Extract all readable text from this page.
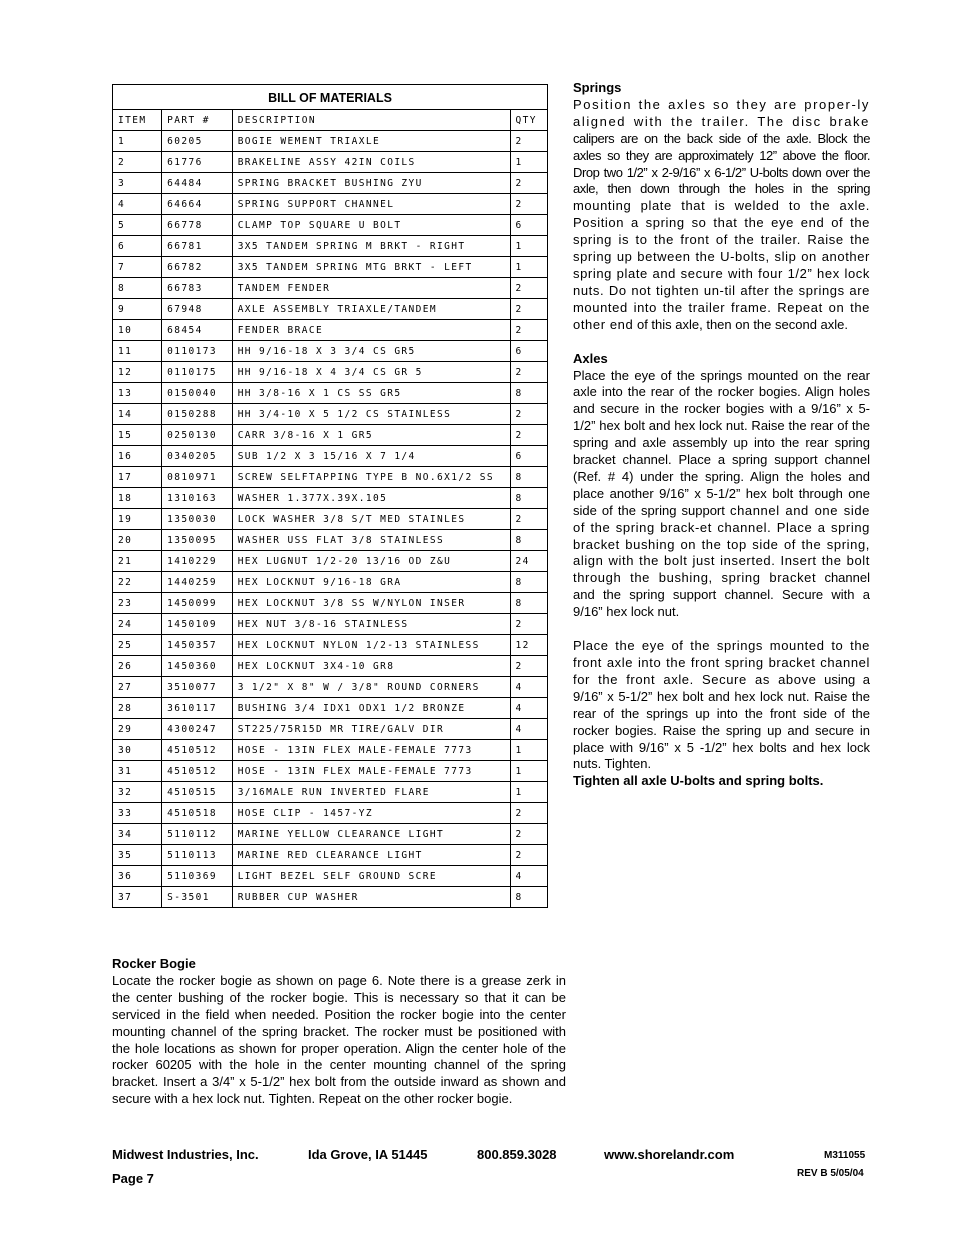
BILL OF MATERIALS			
ITEM	PART #	DESCRIPTION	QTY
1	60205	BOGIE WEMENT TRIAXLE	2
2	61776	BRAKELINE ASSY 42IN COILS	1
3	64484	SPRING BRACKET BUSHING ZYU	2
4	64664	SPRING SUPPORT CHANNEL	2
5	66778	CLAMP TOP SQUARE U BOLT	6
6	66781	3X5 TANDEM SPRING M BRKT - RIGHT	1
7	66782	3X5 TANDEM SPRING MTG BRKT - LEFT	1
8	66783	TANDEM FENDER	2
9	67948	AXLE ASSEMBLY TRIAXLE/TANDEM	2
10	68454	FENDER BRACE	2
11	0110173	HH 9/16-18 X 3 3/4 CS GR5	6
12	0110175	HH 9/16-18 X 4 3/4 CS GR 5	2
13	0150040	HH 3/8-16 X 1 CS SS GR5	8
14	0150288	HH 3/4-10 X 5 1/2 CS STAINLESS	2
15	0250130	CARR 3/8-16 X 1 GR5	2
16	0340205	SUB 1/2 X 3 15/16 X 7 1/4	6
17	0810971	SCREW SELFTAPPING TYPE B NO.6X1/2 SS	8
18	1310163	WASHER 1.377X.39X.105	8
19	1350030	LOCK WASHER 3/8 S/T MED STAINLES	2
20	1350095	WASHER USS FLAT 3/8 STAINLESS	8
21	1410229	HEX LUGNUT 1/2-20 13/16 OD Z&U	24
22	1440259	HEX LOCKNUT 9/16-18 GRA	8
23	1450099	HEX LOCKNUT 3/8 SS W/NYLON INSER	8
24	1450109	HEX NUT 3/8-16 STAINLESS	2
25	1450357	HEX LOCKNUT NYLON 1/2-13 STAINLESS	12
26	1450360	HEX LOCKNUT 3X4-10 GR8	2
27	3510077	3 1/2" X 8" W / 3/8" ROUND CORNERS	4
28	3610117	BUSHING 3/4 IDX1 ODX1 1/2 BRONZE	4
29	4300247	ST225/75R15D MR TIRE/GALV DIR	4
30	4510512	HOSE - 13IN FLEX MALE-FEMALE 7773	1
31	4510512	HOSE - 13IN FLEX MALE-FEMALE 7773	1
32	4510515	3/16MALE RUN INVERTED FLARE	1
33	4510518	HOSE CLIP - 1457-YZ	2
34	5110112	MARINE YELLOW CLEARANCE LIGHT	2
35	5110113	MARINE RED CLEARANCE LIGHT	2
36	5110369	LIGHT BEZEL SELF GROUND SCRE	4
37	S-3501	RUBBER CUP WASHER	8

Springs

Position the axles so they are proper-ly aligned with the trailer. The disc brake calipers are on the back side of the axle. Block the axles so they are approximately 12” above the floor. Drop two 1/2” x 2-9/16” x 6-1/2” U-bolts down over the axle, then down through the holes in the spring mounting plate that is welded to the axle. Position a spring so that the eye end of the spring is to the front of the trailer. Raise the spring up between the U-bolts, slip on another spring plate and secure with four 1/2” hex lock nuts. Do not tighten un-til after the springs are mounted into the trailer frame. Repeat on the other end of this axle, then on the second axle.

Axles

Place the eye of the springs mounted on the rear axle into the rear of the rocker bogies. Align holes and secure in the rocker bogies with a 9/16” x 5-1/2” hex bolt and hex lock nut. Raise the rear of the spring and axle assembly up into the rear spring bracket channel. Place a spring support channel (Ref. # 4) under the spring. Align the holes and place another 9/16” x 5-1/2” hex bolt through one side of the spring support channel and one side of the spring brack-et channel. Place a spring bracket bushing on the top side of the spring, align with the bolt just inserted. Insert the bolt through the bushing, spring bracket channel and the spring support channel. Secure with a 9/16” hex lock nut.

Place the eye of the springs mounted to the front axle into the front spring bracket channel for the front axle. Secure as above using a 9/16” x 5-1/2” hex bolt and hex lock nut. Raise the rear of the springs up into the front side of the rocker bogies. Raise the spring up and secure in place with 9/16” x 5 -1/2” hex bolts and hex lock nuts. Tighten.

Tighten all axle U-bolts and spring bolts.

Rocker Bogie

Locate the rocker bogie as shown on page 6. Note there is a grease zerk in the center bushing of the rocker bogie. This is necessary so that it can be serviced in the field when needed. Position the rocker bogie into the center mounting channel of the spring bracket. The rocker must be positioned with the hole locations as shown for proper operation. Align the center hole of the rocker 60205 with the hole in the center mounting channel of the spring bracket. Insert a 3/4” x 5-1/2” hex bolt from the outside inward as shown and secure with a hex lock nut. Tighten. Repeat on the other rocker bogie.

Midwest Industries, Inc.	Ida Grove, IA 51445	800.859.3028	www.shorelandr.com	M311055
Page 7	REV B 5/05/04
